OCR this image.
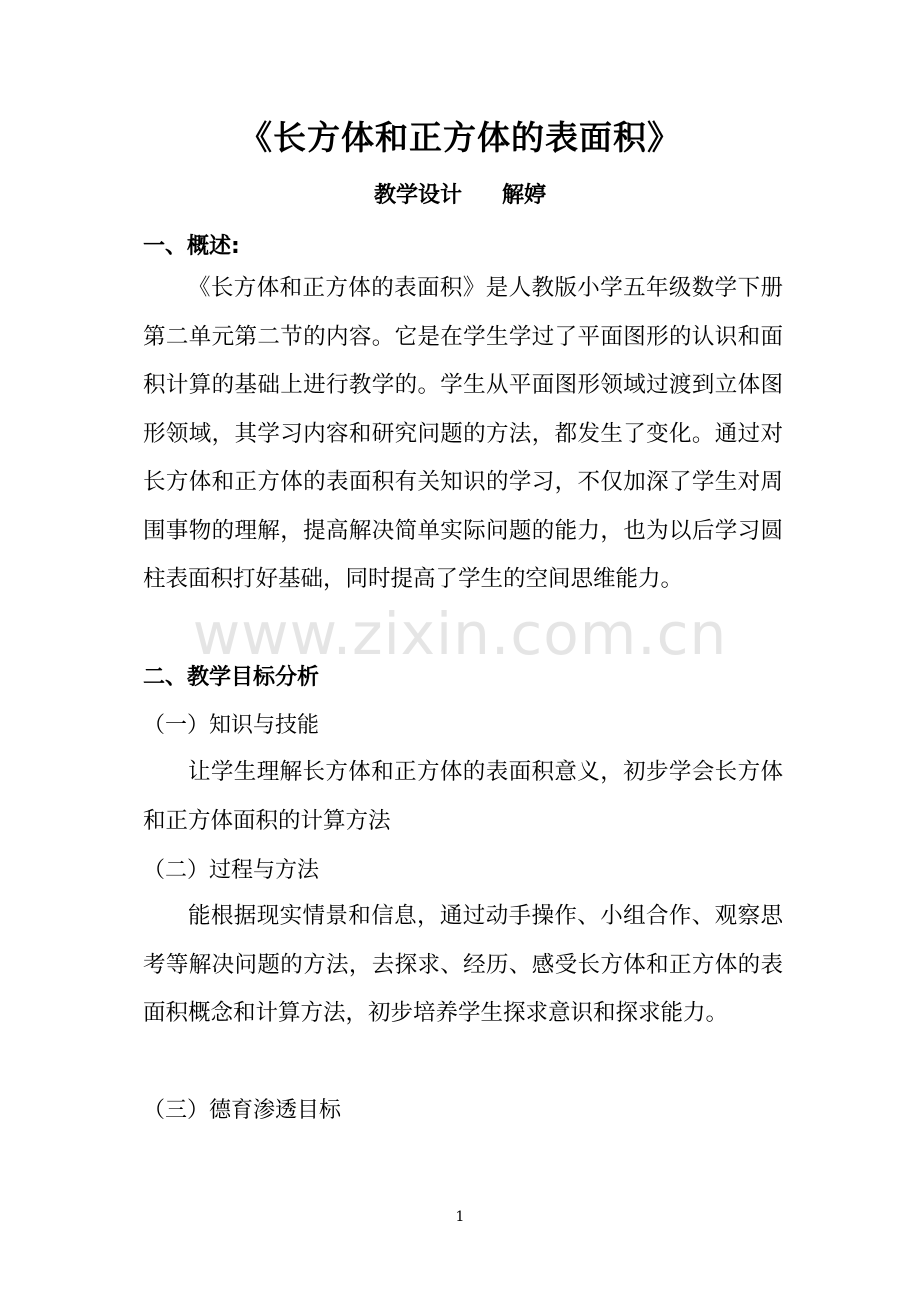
《长方体和正方体的表面积》
教学设计 解婷
一、概述:
《长方体和正方体的表面积》是人教版小学五年级数学下册第二单元第二节的内容。它是在学生学过了平面图形的认识和面积计算的基础上进行教学的。学生从平面图形领域过渡到立体图形领域，其学习内容和研究问题的方法，都发生了变化。通过对长方体和正方体的表面积有关知识的学习，不仅加深了学生对周围事物的理解，提高解决简单实际问题的能力，也为以后学习圆柱表面积打好基础，同时提高了学生的空间思维能力。
二、教学目标分析
（一）知识与技能
让学生理解长方体和正方体的表面积意义，初步学会长方体和正方体面积的计算方法
（二）过程与方法
能根据现实情景和信息，通过动手操作、小组合作、观察思考等解决问题的方法，去探求、经历、感受长方体和正方体的表面积概念和计算方法，初步培养学生探求意识和探求能力。
（三）德育渗透目标
www.zixin.com.cn
1
